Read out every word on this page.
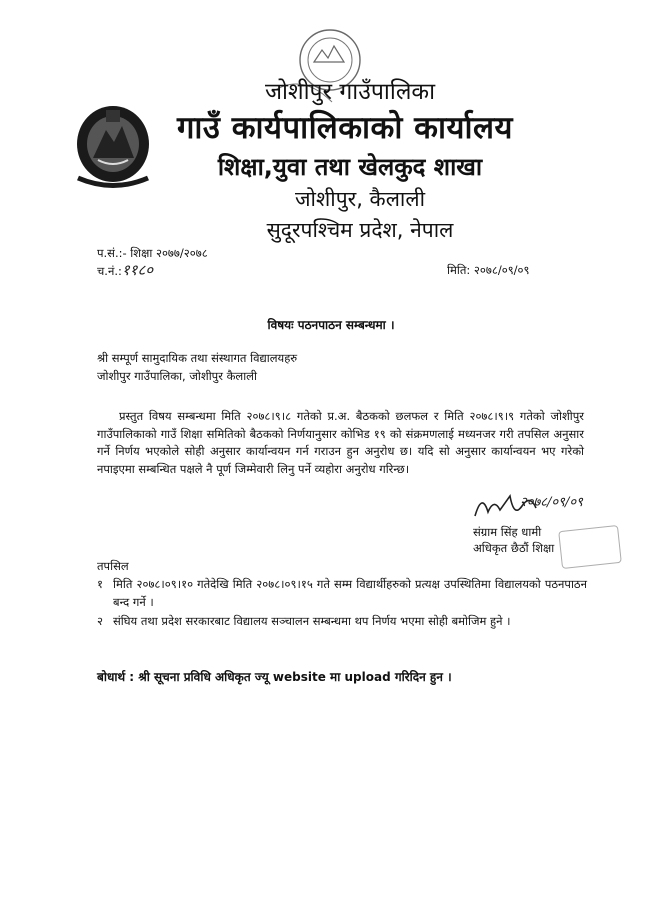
जोशीपुर गाउँपालिका
गाउँ कार्यपालिकाको कार्यालय
शिक्षा,युवा तथा खेलकुद शाखा
जोशीपुर, कैलाली
सुदूरपश्चिम प्रदेश, नेपाल
प.सं.:- शिक्षा २०७७/२०७८
च.नं.:११८०	मिति: २०७८/०९/०९
विषयः पठनपाठन सम्बन्धमा ।
श्री सम्पूर्ण सामुदायिक तथा संस्थागत विद्यालयहरु
जोशीपुर गाउँपालिका, जोशीपुर कैलाली
प्रस्तुत विषय सम्बन्धमा मिति २०७८।९।८ गतेको प्र.अ. बैठकको छलफल र मिति २०७८।९।९ गतेको जोशीपुर गाउँपालिकाको गाउँ शिक्षा समितिको बैठकको निर्णयानुसार कोभिड १९ को संक्रमणलाई मध्यनजर गरी तपसिल अनुसार गर्ने निर्णय भएकोले सोही अनुसार कार्यान्वयन गर्न गराउन हुन अनुरोध छ। यदि सो अनुसार कार्यान्वयन भए गरेको नपाइएमा सम्बन्धित पक्षले नै पूर्ण जिम्मेवारी लिनु पर्ने व्यहोरा अनुरोध गरिन्छ।
२०७८/०९/०९
संग्राम सिंह धामी
अधिकृत छैठौं शिक्षा
तपसिल
१ मिति २०७८।०९।१० गतेदेखि मिति २०७८।०९।१५ गते सम्म विद्यार्थीहरुको प्रत्यक्ष उपस्थितिमा विद्यालयको पठनपाठन बन्द गर्ने ।
२ संघिय तथा प्रदेश सरकारबाट विद्यालय सञ्चालन सम्बन्धमा थप निर्णय भएमा सोही बमोजिम हुने ।
बोधार्थ : श्री सूचना प्रविधि अधिकृत ज्यू website मा upload गरिदिन हुन ।
